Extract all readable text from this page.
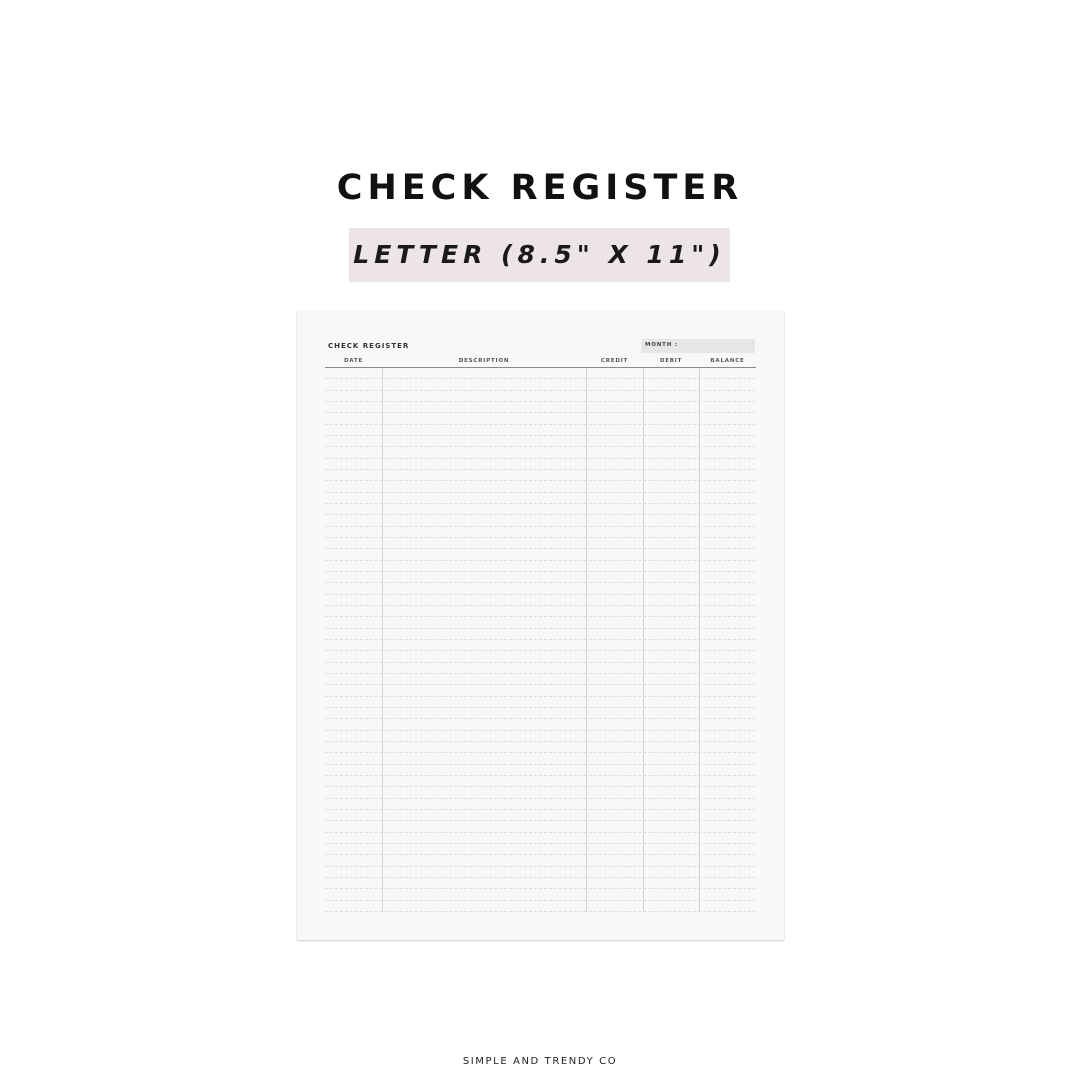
CHECK REGISTER
LETTER (8.5" X 11")
CHECK REGISTER	MONTH :
DATE	DESCRIPTION	CREDIT	DEBIT	BALANCE
SIMPLE AND TRENDY CO
